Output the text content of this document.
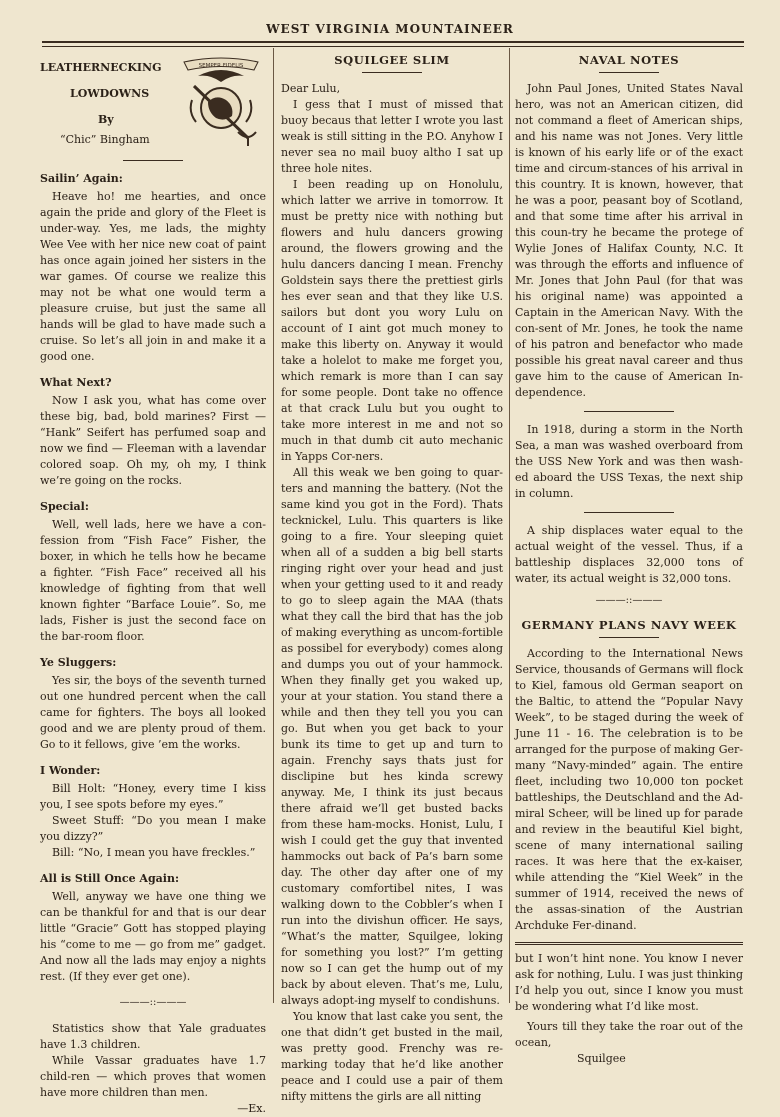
WEST VIRGINIA MOUNTAINEER
LEATHERNECKING
LOWDOWNS
By
“Chic” Bingham
SEMPER FIDELIS
Sailin’ Again:

Heave ho! me hearties, and once again the pride and glory of the Fleet is under-way. Yes, me lads, the mighty Wee Vee with her nice new coat of paint has once again joined her sisters in the war games. Of course we realize this may not be what one would term a pleasure cruise, but just the same all hands will be glad to have made such a cruise. So let’s all join in and make it a good one.

What Next?

Now I ask you, what has come over these big, bad, bold marines? First — “Hank” Seifert has perfumed soap and now we find — Fleeman with a lavendar colored soap. Oh my, oh my, I think we’re going on the rocks.

Special:

Well, well lads, here we have a con-fession from “Fish Face” Fisher, the boxer, in which he tells how he became a fighter. “Fish Face” received all his knowledge of fighting from that well known fighter “Barface Louie”. So, me lads, Fisher is just the second face on the bar-room floor.

Ye Sluggers:

Yes sir, the boys of the seventh turned out one hundred percent when the call came for fighters. The boys all looked good and we are plenty proud of them. Go to it fellows, give ’em the works.

I Wonder:

Bill Holt: “Honey, every time I kiss you, I see spots before my eyes.”

Sweet Stuff: “Do you mean I make you dizzy?”

Bill: “No, I mean you have freckles.”

All is Still Once Again:

Well, anyway we have one thing we can be thankful for and that is our dear little “Gracie” Gott has stopped playing his “come to me — go from me” gadget. And now all the lads may enjoy a nights rest. (If they ever get one).

———::———

Statistics show that Yale graduates have 1.3 children.

While Vassar graduates have 1.7 child-ren — which proves that women have more children than men.

—Ex.
SQUILGEE SLIM
Dear Lulu,

I gess that I must of missed that buoy becaus that letter I wrote you last weak is still sitting in the P.O. Anyhow I never sea no mail buoy altho I sat up three hole nites.

I been reading up on Honolulu, which latter we arrive in tomorrow. It must be pretty nice with nothing but flowers and hulu dancers growing around, the flowers growing and the hulu dancers dancing I mean. Frenchy Goldstein says there the prettiest girls hes ever sean and that they like U.S. sailors but dont you wory Lulu on account of I aint got much money to make this liberty on. Anyway it would take a holelot to make me forget you, which remark is more than I can say for some people. Dont take no offence at that crack Lulu but you ought to take more interest in me and not so much in that dumb cit auto mechanic in Yapps Cor-ners.

All this weak we ben going to quar-ters and manning the battery. (Not the same kind you got in the Ford). Thats tecknickel, Lulu. This quarters is like going to a fire. Your sleeping quiet when all of a sudden a big bell starts ringing right over your head and just when your getting used to it and ready to go to sleep again the MAA (thats what they call the bird that has the job of making everything as uncom-fortible as possibel for everybody) comes along and dumps you out of your hammock. When they finally get you waked up, your at your station. You stand there a while and then they tell you you can go. But when you get back to your bunk its time to get up and turn to again. Frenchy says thats just for disclipine but hes kinda screwy anyway. Me, I think its just becaus there afraid we’ll get busted backs from these ham-mocks. Honist, Lulu, I wish I could get the guy that invented hammocks out back of Pa’s barn some day. The other day after one of my customary comfortibel nites, I was walking down to the Cobbler’s when I run into the divishun officer. He says, “What’s the matter, Squilgee, loking for something you lost?” I’m getting now so I can get the hump out of my back by about eleven. That’s me, Lulu, always adopt-ing myself to condishuns.

You know that last cake you sent, the one that didn’t get busted in the mail, was pretty good. Frenchy was re-marking today that he’d like another peace and I could use a pair of them nifty mittens the girls are all nitting

NAVAL NOTES

John Paul Jones, United States Naval hero, was not an American citizen, did not command a fleet of American ships, and his name was not Jones. Very little is known of his early life or of the exact time and circum-stances of his arrival in this country. It is known, however, that he was a poor, peasant boy of Scotland, and that some time after his arrival in this coun-try he became the protege of Wylie Jones of Halifax County, N.C. It was through the efforts and influence of Mr. Jones that John Paul (for that was his original name) was appointed a Captain in the American Navy. With the con-sent of Mr. Jones, he took the name of his patron and benefactor who made possible his great naval career and thus gave him to the cause of American In-dependence.

In 1918, during a storm in the North Sea, a man was washed overboard from the USS New York and was then wash-ed aboard the USS Texas, the next ship in column.

A ship displaces water equal to the actual weight of the vessel. Thus, if a battleship displaces 32,000 tons of water, its actual weight is 32,000 tons.

———::———
GERMANY PLANS NAVY WEEK

According to the International News Service, thousands of Germans will flock to Kiel, famous old German seaport on the Baltic, to attend the “Popular Navy Week”, to be staged during the week of June 11 - 16. The celebration is to be arranged for the purpose of making Ger-many “Navy-minded” again. The entire fleet, including two 10,000 ton pocket battleships, the Deutschland and the Ad-miral Scheer, will be lined up for parade and review in the beautiful Kiel bight, scene of many international sailing races. It was here that the ex-kaiser, while attending the “Kiel Week” in the summer of 1914, received the news of the assas-sination of the Austrian Archduke Fer-dinand.

but I won’t hint none. You know I never ask for nothing, Lulu. I was just thinking I’d help you out, since I know you must be wondering what I’d like most.

Yours till they take the roar out of the ocean,

Squilgee
